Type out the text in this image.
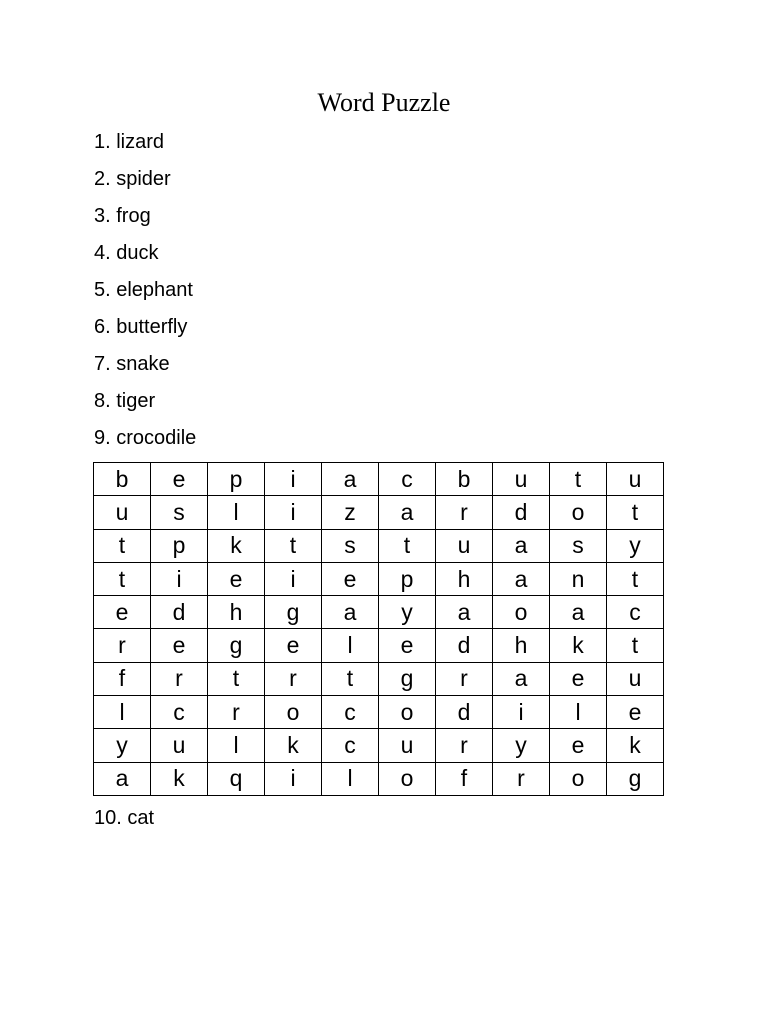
Word Puzzle
1. lizard
2. spider
3. frog
4. duck
5. elephant
6. butterfly
7. snake
8. tiger
9. crocodile
b	e	p	i	a	c	b	u	t	u
u	s	l	i	z	a	r	d	o	t
t	p	k	t	s	t	u	a	s	y
t	i	e	i	e	p	h	a	n	t
e	d	h	g	a	y	a	o	a	c
r	e	g	e	l	e	d	h	k	t
f	r	t	r	t	g	r	a	e	u
l	c	r	o	c	o	d	i	l	e
y	u	l	k	c	u	r	y	e	k
a	k	q	i	l	o	f	r	o	g
10. cat
